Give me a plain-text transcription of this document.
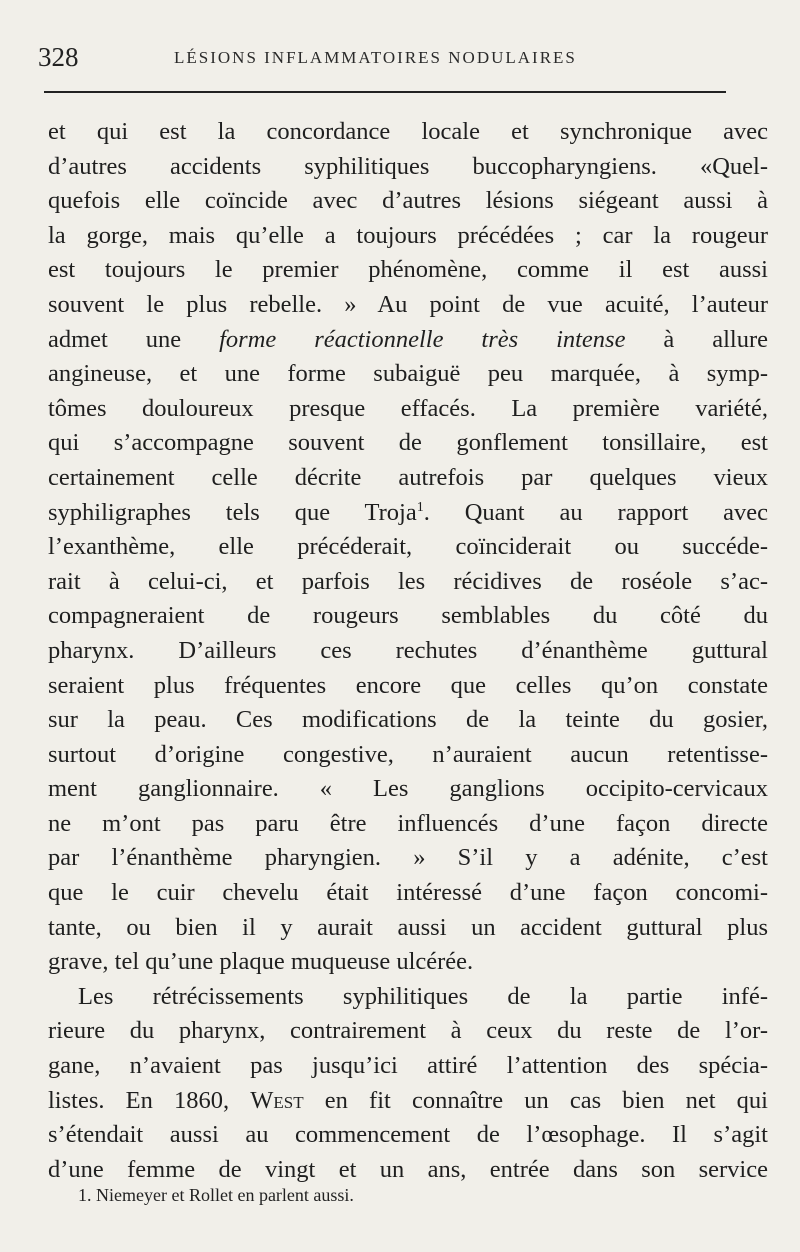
328	LÉSIONS INFLAMMATOIRES NODULAIRES
et qui est la concordance locale et synchronique avec
d’autres accidents syphilitiques buccopharyngiens. «Quel-
quefois elle coïncide avec d’autres lésions siégeant aussi à
la gorge, mais qu’elle a toujours précédées ; car la rougeur
est toujours le premier phénomène, comme il est aussi
souvent le plus rebelle. » Au point de vue acuité, l’auteur
admet une forme réactionnelle très intense à allure
angineuse, et une forme subaiguë peu marquée, à symp-
tômes douloureux presque effacés. La première variété,
qui s’accompagne souvent de gonflement tonsillaire, est
certainement celle décrite autrefois par quelques vieux
syphiligraphes tels que Troja$^1$. Quant au rapport avec
l’exanthème, elle précéderait, coïnciderait ou succéde-
rait à celui-ci, et parfois les récidives de roséole s’ac-
compagneraient de rougeurs semblables du côté du
pharynx. D’ailleurs ces rechutes d’énanthème guttural
seraient plus fréquentes encore que celles qu’on constate
sur la peau. Ces modifications de la teinte du gosier,
surtout d’origine congestive, n’auraient aucun retentisse-
ment ganglionnaire. « Les ganglions occipito-cervicaux
ne m’ont pas paru être influencés d’une façon directe
par l’énanthème pharyngien. » S’il y a adénite, c’est
que le cuir chevelu était intéressé d’une façon concomi-
tante, ou bien il y aurait aussi un accident guttural plus
grave, tel qu’une plaque muqueuse ulcérée.
Les rétrécissements syphilitiques de la partie infé-
rieure du pharynx, contrairement à ceux du reste de l’or-
gane, n’avaient pas jusqu’ici attiré l’attention des spécia-
listes. En 1860, West en fit connaître un cas bien net qui
s’étendait aussi au commencement de l’œsophage. Il s’agit
d’une femme de vingt et un ans, entrée dans son service
1. Niemeyer et Rollet en parlent aussi.
